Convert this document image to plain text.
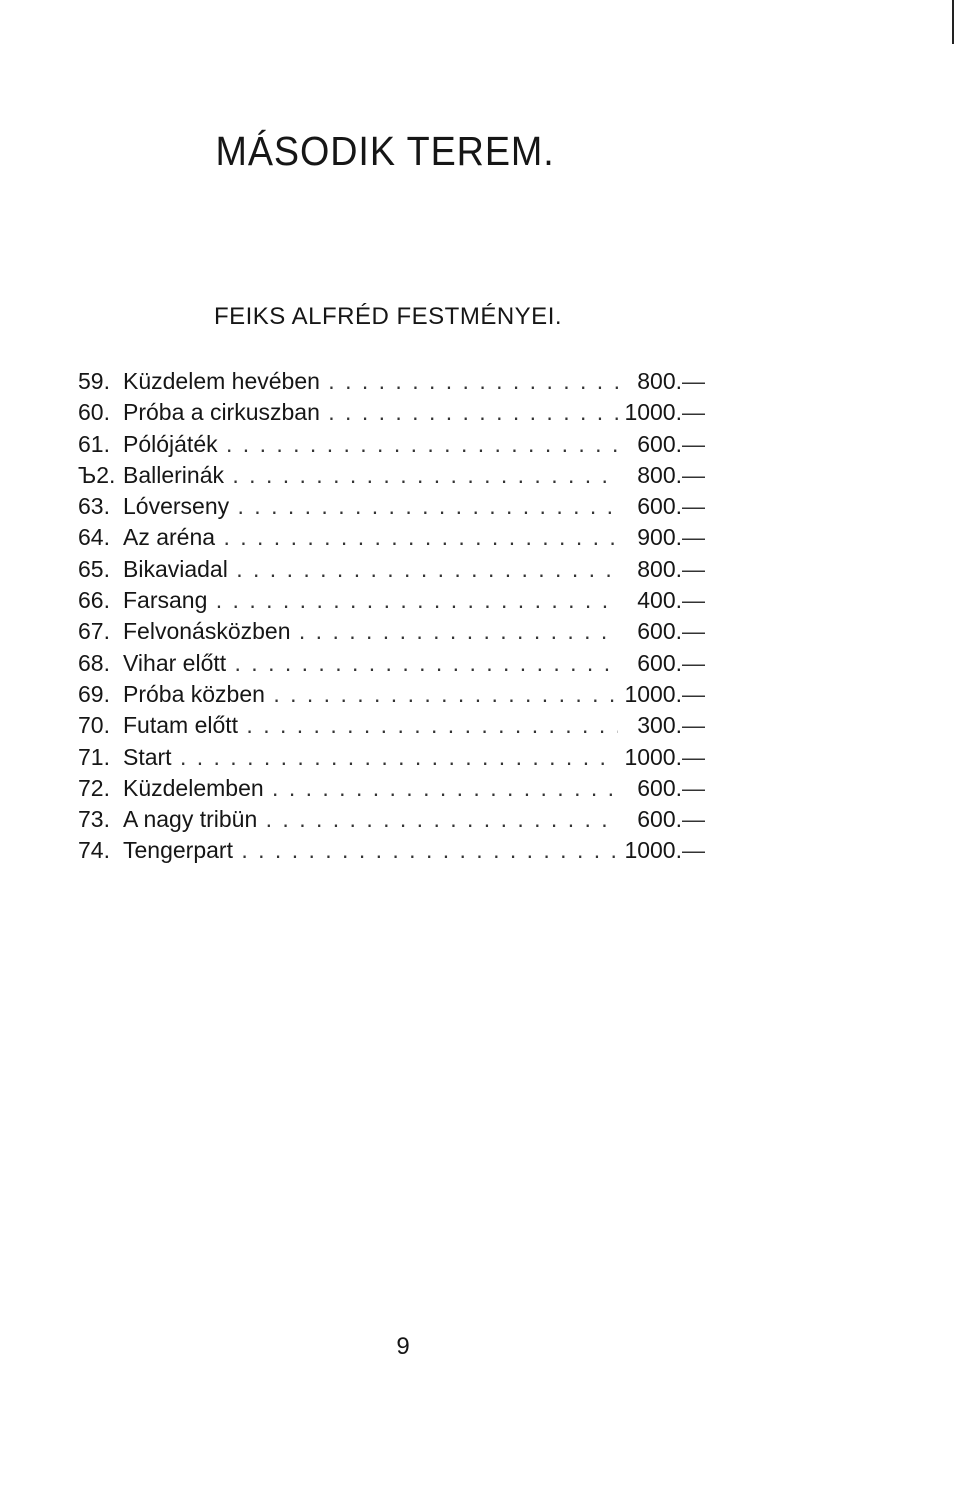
MÁSODIK TEREM.
FEIKS ALFRÉD FESTMÉNYEI.
59. Küzdelem hevében . . .	800. —
60. Próba a cirkuszban . . .	1000. —
61. Pólójáték . . .	600. —
Ъ2. Ballerinák . . .	800. —
63. Lóverseny . . .	600. —
64. Az aréna . . .	900. —
65. Bikaviadal . . .	800. —
66. Farsang . . .	400. —
67. Felvonásközben . . .	600. —
68. Vihar előtt . . .	600. —
69. Próba közben . . .	1000. —
70. Futam előtt . . .	300. —
71. Start . . .	1000. —
72. Küzdelemben . . .	600. —
73. A nagy tribün . . .	600. —
74. Tengerpart . . .	1000. —
9
